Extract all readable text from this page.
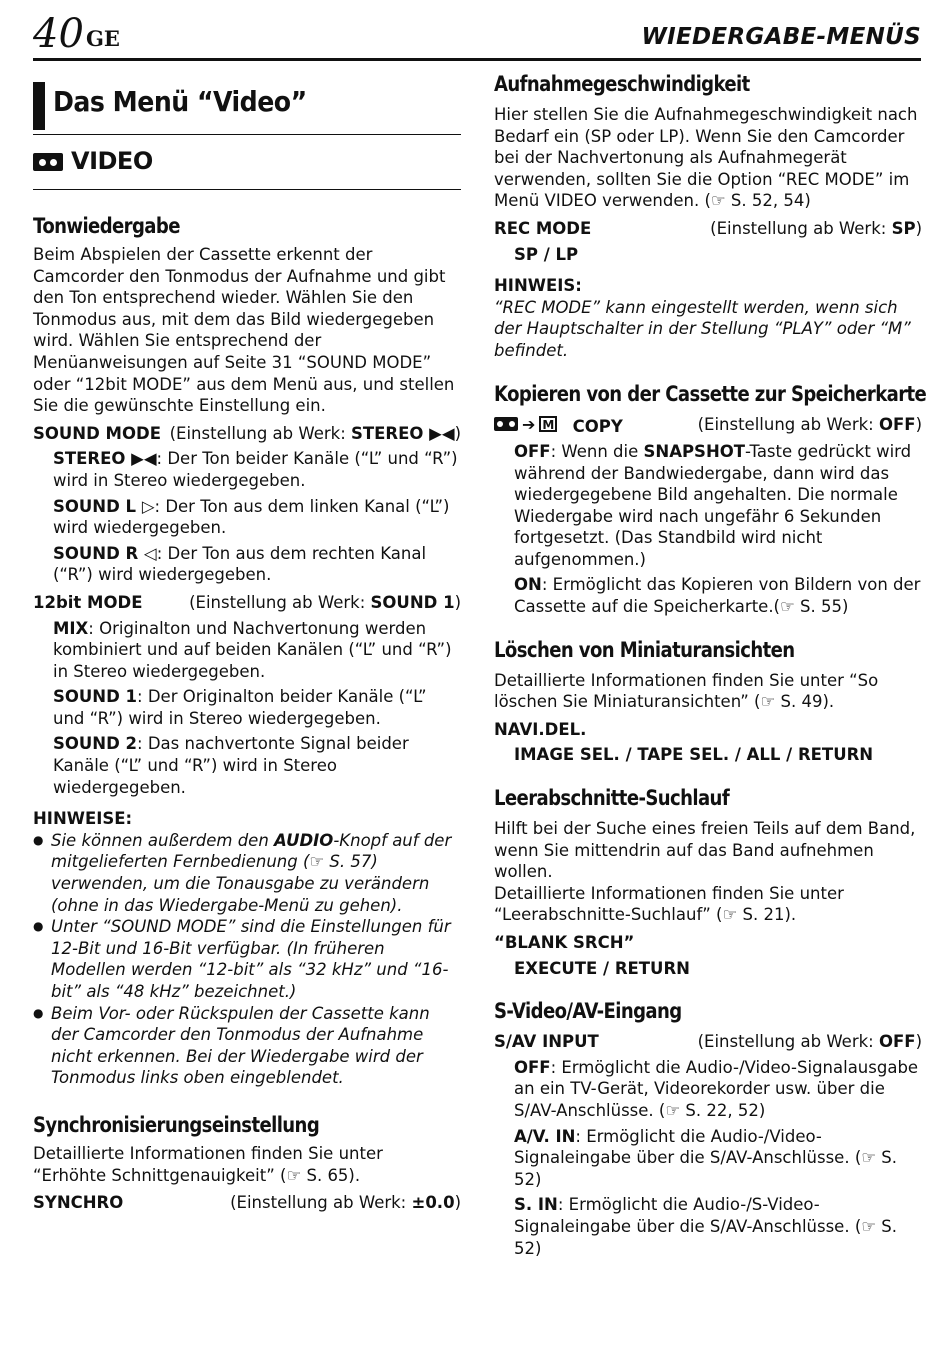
40 GE	WIEDERGABE-MENÜS
Das Menü “Video”
VIDEO
Tonwiedergabe

Beim Abspielen der Cassette erkennt der Camcorder den Tonmodus der Aufnahme und gibt den Ton entsprechend wieder. Wählen Sie den Tonmodus aus, mit dem das Bild wiedergegeben wird. Wählen Sie entsprechend der Menüanweisungen auf Seite 31 “SOUND MODE” oder “12bit MODE” aus dem Menü aus, und stellen Sie die gewünschte Einstellung ein.

SOUND MODE (Einstellung ab Werk: STEREO ▶◀)

STEREO ▶◀: Der Ton beider Kanäle (“L” und “R”) wird in Stereo wiedergegeben.

SOUND L ▷: Der Ton aus dem linken Kanal (“L”) wird wiedergegeben.

SOUND R ◁: Der Ton aus dem rechten Kanal (“R”) wird wiedergegeben.

12bit MODE	(Einstellung ab Werk: SOUND 1)

MIX: Originalton und Nachvertonung werden kombiniert und auf beiden Kanälen (“L” und “R”) in Stereo wiedergegeben.

SOUND 1: Der Originalton beider Kanäle (“L” und “R”) wird in Stereo wiedergegeben.

SOUND 2: Das nachvertonte Signal beider Kanäle (“L” und “R”) wird in Stereo wiedergegeben.

HINWEISE:

● Sie können außerdem den AUDIO-Knopf auf der mitgelieferten Fernbedienung (☞ S. 57) verwenden, um die Tonausgabe zu verändern (ohne in das Wiedergabe-Menü zu gehen).
● Unter “SOUND MODE” sind die Einstellungen für 12-Bit und 16-Bit verfügbar. (In früheren Modellen werden “12-bit” als “32 kHz” und “16-bit” als “48 kHz” bezeichnet.)
● Beim Vor- oder Rückspulen der Cassette kann der Camcorder den Tonmodus der Aufnahme nicht erkennen. Bei der Wiedergabe wird der Tonmodus links oben eingeblendet.
Synchronisierungseinstellung

Detaillierte Informationen finden Sie unter “Erhöhte Schnittgenauigkeit” (☞ S. 65).

SYNCHRO	(Einstellung ab Werk: ±0.0)
Aufnahmegeschwindigkeit

Hier stellen Sie die Aufnahmegeschwindigkeit nach Bedarf ein (SP oder LP). Wenn Sie den Camcorder bei der Nachvertonung als Aufnahmegerät verwenden, sollten Sie die Option “REC MODE” im Menü VIDEO verwenden. (☞ S. 52, 54)

REC MODE	(Einstellung ab Werk: SP)

SP / LP

HINWEIS:

“REC MODE” kann eingestellt werden, wenn sich der Hauptschalter in der Stellung “PLAY” oder “M” befindet.

Kopieren von der Cassette zur Speicherkarte
➔ M COPY	(Einstellung ab Werk: OFF)

OFF: Wenn die SNAPSHOT-Taste gedrückt wird während der Bandwiedergabe, dann wird das wiedergegebene Bild angehalten. Die normale Wiedergabe wird nach ungefähr 6 Sekunden fortgesetzt. (Das Standbild wird nicht aufgenommen.)

ON: Ermöglicht das Kopieren von Bildern von der Cassette auf die Speicherkarte.(☞ S. 55)

Löschen von Miniaturansichten

Detaillierte Informationen finden Sie unter “So löschen Sie Miniaturansichten” (☞ S. 49).

NAVI.DEL.

IMAGE SEL. / TAPE SEL. / ALL / RETURN

Leerabschnitte-Suchlauf

Hilft bei der Suche eines freien Teils auf dem Band, wenn Sie mittendrin auf das Band aufnehmen wollen.

Detaillierte Informationen finden Sie unter “Leerabschnitte-Suchlauf” (☞ S. 21).

“BLANK SRCH”

EXECUTE / RETURN

S-Video/AV-Eingang
S/AV INPUT	(Einstellung ab Werk: OFF)

OFF: Ermöglicht die Audio-/Video-Signalausgabe an ein TV-Gerät, Videorekorder usw. über die S/AV-Anschlüsse. (☞ S. 22, 52)

A/V. IN: Ermöglicht die Audio-/Video-Signaleingabe über die S/AV-Anschlüsse. (☞ S. 52)

S. IN: Ermöglicht die Audio-/S-Video-Signaleingabe über die S/AV-Anschlüsse. (☞ S. 52)
